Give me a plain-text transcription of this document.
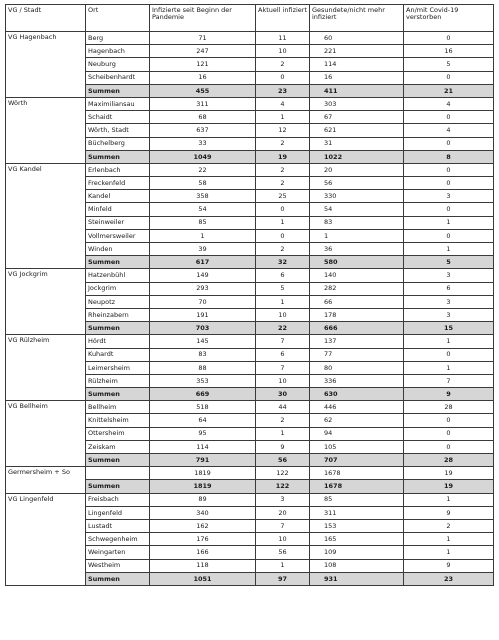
VG / Stadt	Ort	Infizierte seit Beginn der Pandemie	Aktuell infiziert	Gesundete/nicht mehr infiziert	An/mit Covid-19 verstorben
VG Hagenbach	Berg	71	11	60	0
	Hagenbach	247	10	221	16
	Neuburg	121	2	114	5
	Scheibenhardt	16	0	16	0
	Summen	455	23	411	21
Wörth	Maximiliansau	311	4	303	4
	Schaidt	68	1	67	0
	Wörth, Stadt	637	12	621	4
	Büchelberg	33	2	31	0
	Summen	1049	19	1022	8
VG Kandel	Erlenbach	22	2	20	0
	Freckenfeld	58	2	56	0
	Kandel	358	25	330	3
	Minfeld	54	0	54	0
	Steinweiler	85	1	83	1
	Vollmersweiler	1	0	1	0
	Winden	39	2	36	1
	Summen	617	32	580	5
VG Jockgrim	Hatzenbühl	149	6	140	3
	Jockgrim	293	5	282	6
	Neupotz	70	1	66	3
	Rheinzabern	191	10	178	3
	Summen	703	22	666	15
VG Rülzheim	Hördt	145	7	137	1
	Kuhardt	83	6	77	0
	Leimersheim	88	7	80	1
	Rülzheim	353	10	336	7
	Summen	669	30	630	9
VG Bellheim	Bellheim	518	44	446	28
	Knittelsheim	64	2	62	0
	Ottersheim	95	1	94	0
	Zeiskam	114	9	105	0
	Summen	791	56	707	28
Germersheim + So		1819	122	1678	19
	Summen	1819	122	1678	19
VG Lingenfeld	Freisbach	89	3	85	1
	Lingenfeld	340	20	311	9
	Lustadt	162	7	153	2
	Schwegenheim	176	10	165	1
	Weingarten	166	56	109	1
	Westheim	118	1	108	9
	Summen	1051	97	931	23
